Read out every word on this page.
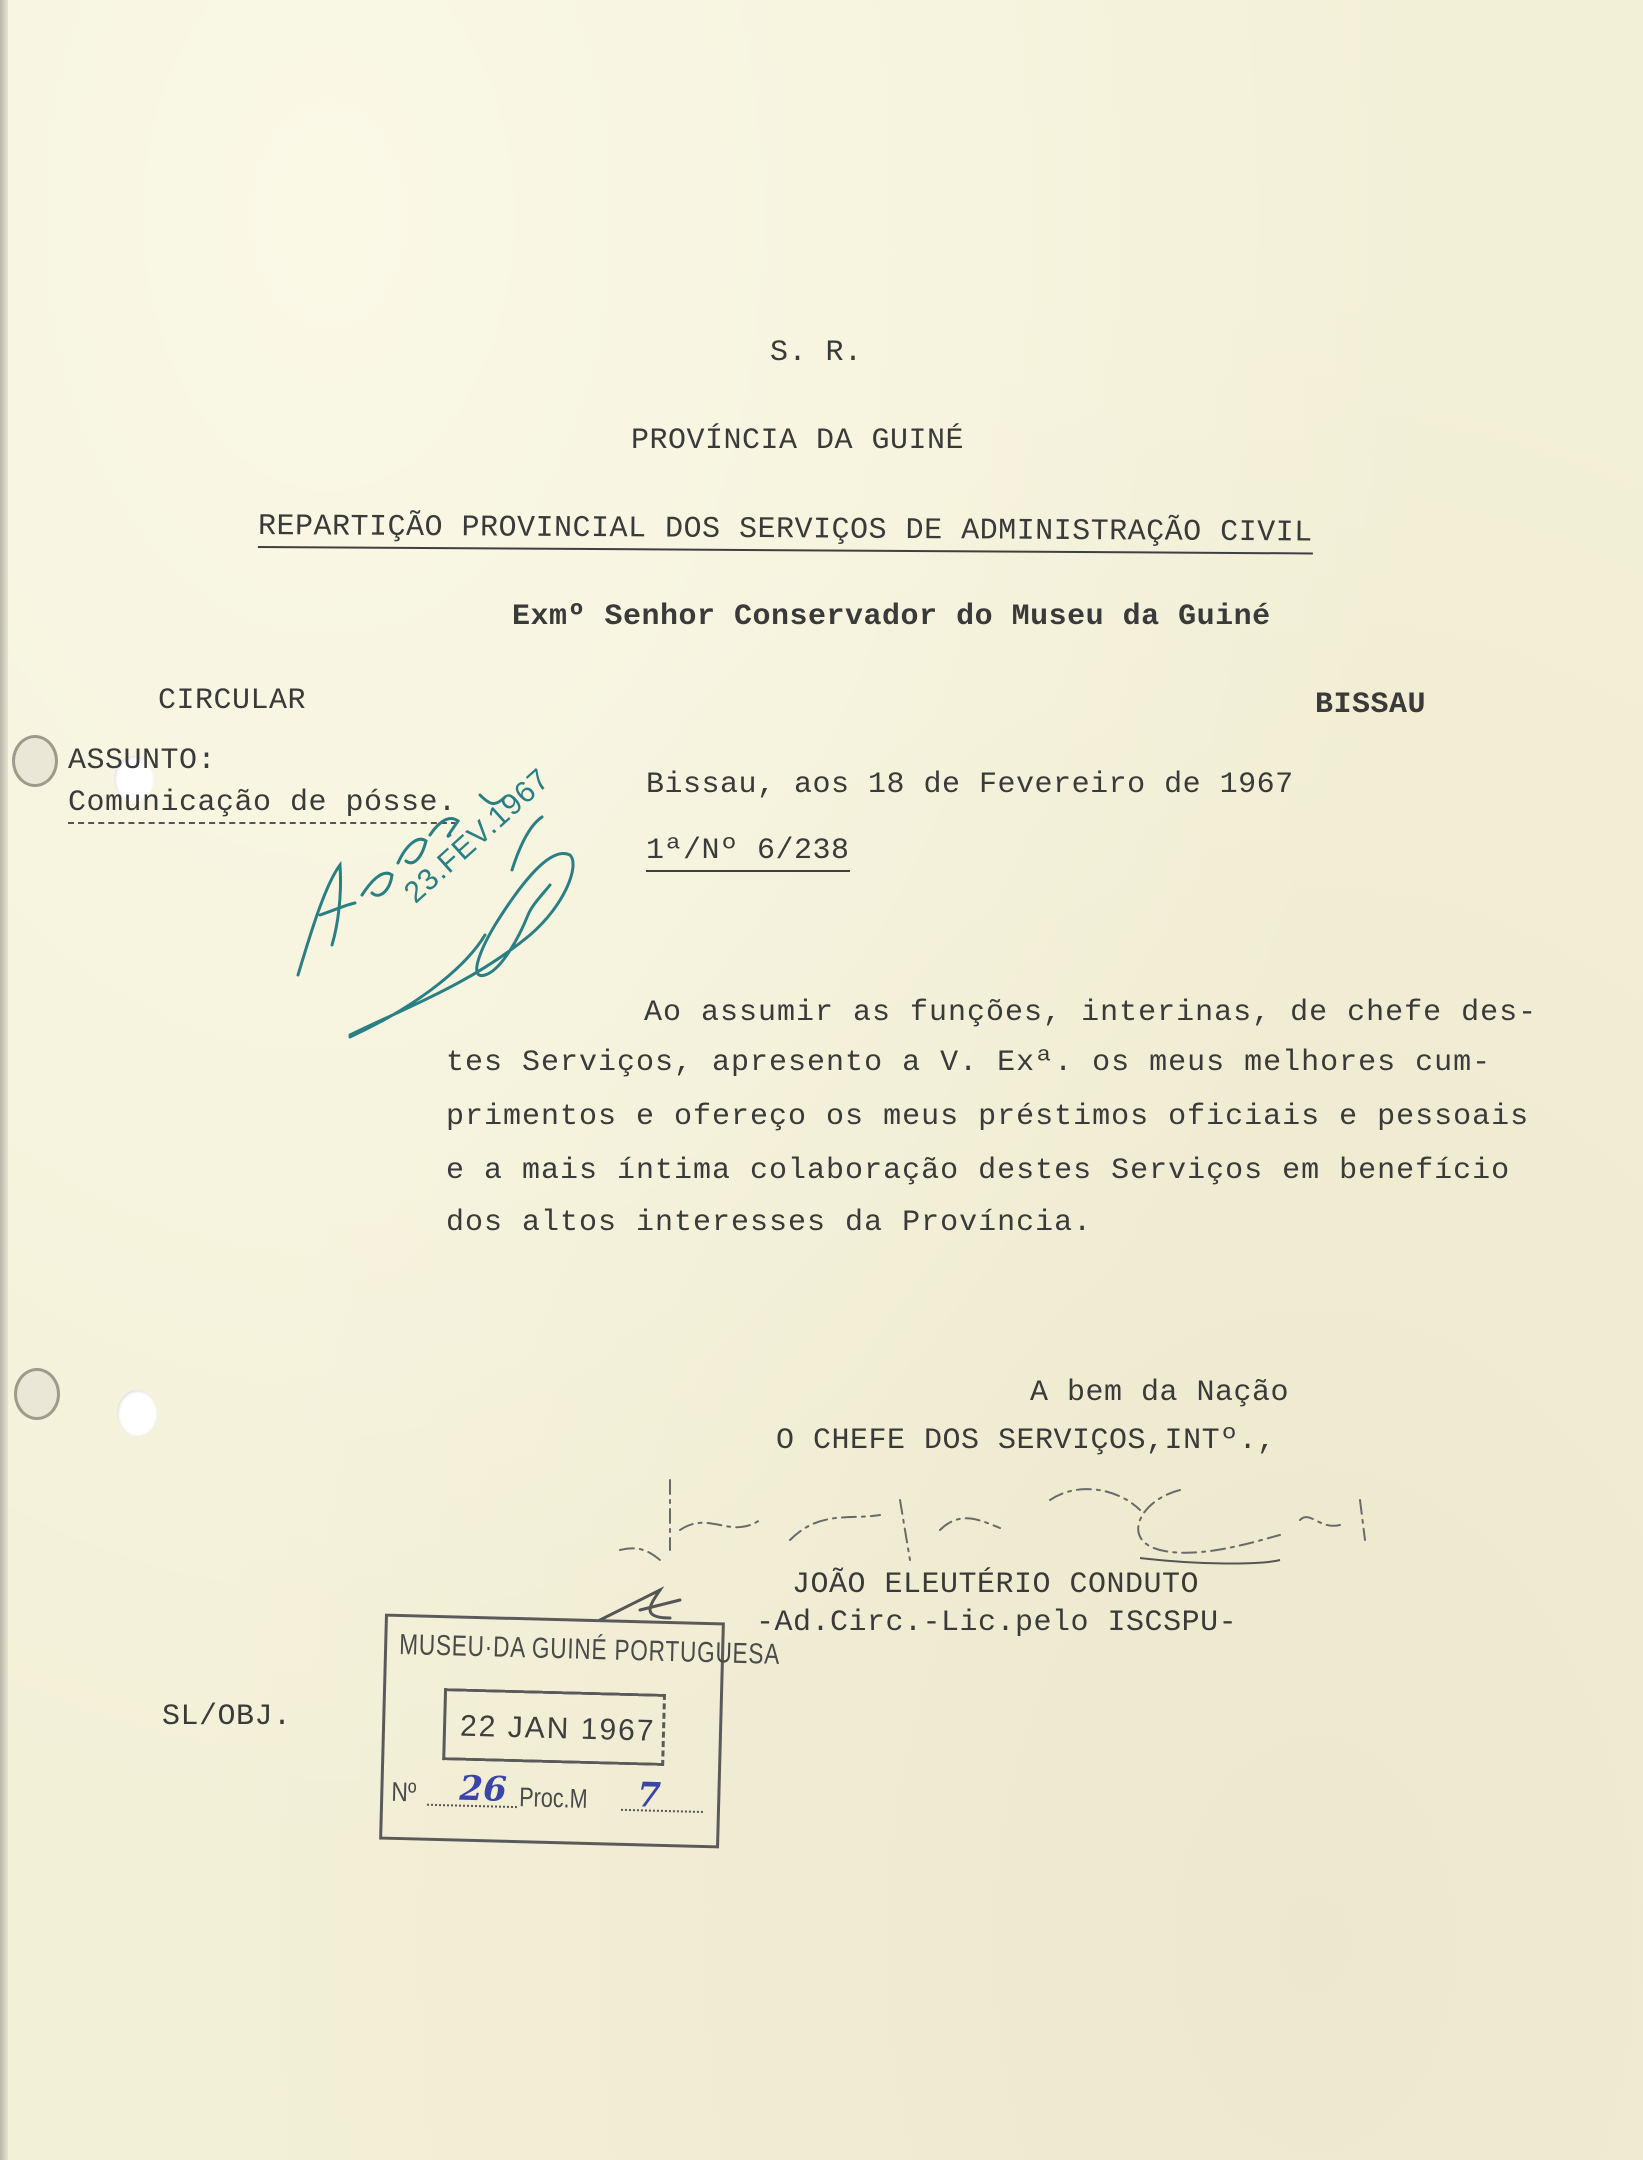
S. R.
PROVÍNCIA DA GUINÉ
REPARTIÇÃO PROVINCIAL DOS SERVIÇOS DE ADMINISTRAÇÃO CIVIL
Exmº Senhor Conservador do Museu da Guiné
CIRCULAR	BISSAU
ASSUNTO:
Comunicação de pósse.
Bissau, aos 18 de Fevereiro de 1967
1ª/Nº 6/238
23.FEV.1967
Ao assumir as funções, interinas, de chefe des-
tes Serviços, apresento a V. Exª. os meus melhores cum-
primentos e ofereço os meus préstimos oficiais e pessoais
e a mais íntima colaboração destes Serviços em benefício
dos altos interesses da Província.
A bem da Nação
O CHEFE DOS SERVIÇOS,INTº.,
JOÃO ELEUTÉRIO CONDUTO
-Ad.Circ.-Lic.pelo ISCSPU-
SL/OBJ.
MUSEU·DA GUINÉ PORTUGUESA
22 JAN 1967
Nº 26 Proc.M 7
